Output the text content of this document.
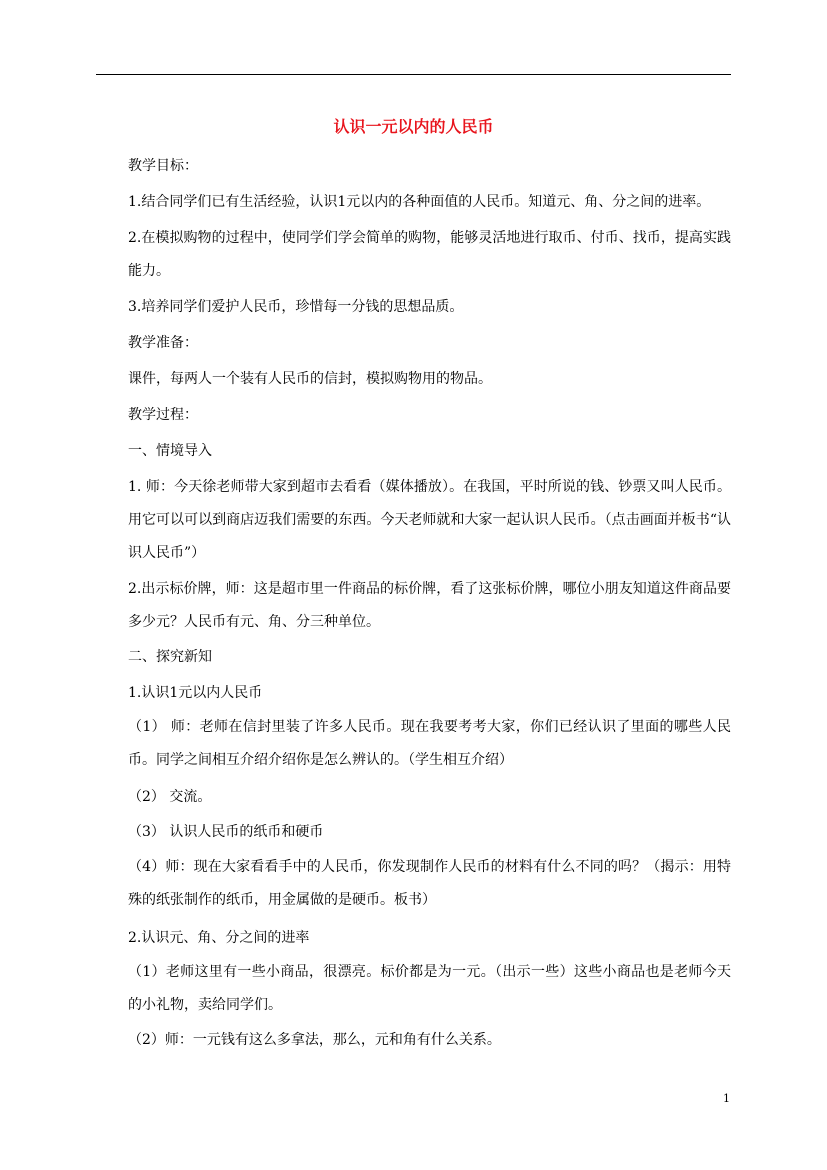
认识一元以内的人民币
教学目标：
1.结合同学们已有生活经验，认识1元以内的各种面值的人民币。知道元、角、分之间的进率。
2.在模拟购物的过程中，使同学们学会简单的购物，能够灵活地进行取币、付币、找币，提高实践能力。
3.培养同学们爱护人民币，珍惜每一分钱的思想品质。
教学准备：
课件，每两人一个装有人民币的信封，模拟购物用的物品。
教学过程：
一、情境导入
1. 师：今天徐老师带大家到超市去看看（媒体播放）。在我国，平时所说的钱、钞票又叫人民币。用它可以可以到商店迈我们需要的东西。今天老师就和大家一起认识人民币。（点击画面并板书“认识人民币”）
2.出示标价牌，师：这是超市里一件商品的标价牌，看了这张标价牌，哪位小朋友知道这件商品要多少元？人民币有元、角、分三种单位。
二、探究新知
1.认识1元以内人民币
（1） 师：老师在信封里装了许多人民币。现在我要考考大家，你们已经认识了里面的哪些人民币。同学之间相互介绍介绍你是怎么辨认的。（学生相互介绍）
（2） 交流。
（3） 认识人民币的纸币和硬币
（4）师：现在大家看看手中的人民币，你发现制作人民币的材料有什么不同的吗？（揭示：用特殊的纸张制作的纸币，用金属做的是硬币。板书）
2.认识元、角、分之间的进率
（1）老师这里有一些小商品，很漂亮。标价都是为一元。（出示一些）这些小商品也是老师今天的小礼物，卖给同学们。
（2）师：一元钱有这么多拿法，那么，元和角有什么关系。
1
